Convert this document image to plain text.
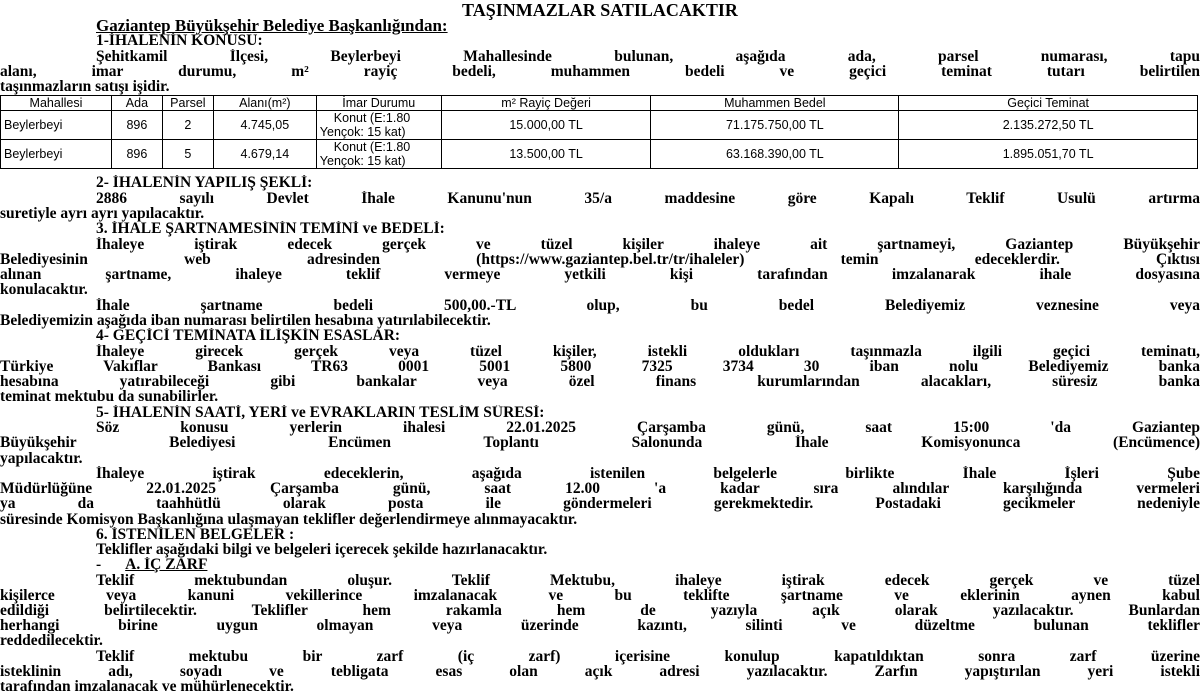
TAŞINMAZLAR SATILACAKTIR
Gaziantep Büyükşehir Belediye Başkanlığından:

1-İHALENİN KONUSU:

Şehitkamil İlçesi, Beylerbeyi Mahallesinde bulunan, aşağıda ada, parsel numarası, tapu

alanı, imar durumu, m² rayiç bedeli, muhammen bedeli ve geçici teminat tutarı belirtilen

taşınmazların satışı işidir.

Mahallesi	Ada	Parsel	Alanı(m²)	İmar Durumu	m² Rayiç Değeri	Muhammen Bedel	Geçici Teminat
Beylerbeyi	896	2	4.745,05	Konut (E:1.80
Yençok: 15 kat)	15.000,00 TL	71.175.750,00 TL	2.135.272,50 TL
Beylerbeyi	896	5	4.679,14	Konut (E:1.80
Yençok: 15 kat)	13.500,00 TL	63.168.390,00 TL	1.895.051,70 TL

2- İHALENİN YAPILIŞ ŞEKLİ:

2886 sayılı Devlet İhale Kanunu'nun 35/a maddesine göre Kapalı Teklif Usulü artırma

suretiyle ayrı ayrı yapılacaktır.

3. İHALE ŞARTNAMESİNİN TEMİNİ ve BEDELİ:

İhaleye iştirak edecek gerçek ve tüzel kişiler ihaleye ait şartnameyi, Gaziantep Büyükşehir

Belediyesinin web adresinden (https://www.gaziantep.bel.tr/tr/ihaleler) temin edeceklerdir. Çıktısı

alınan şartname, ihaleye teklif vermeye yetkili kişi tarafından imzalanarak ihale dosyasına

konulacaktır.

İhale şartname bedeli 500,00.-TL olup, bu bedel Belediyemiz veznesine veya

Belediyemizin aşağıda iban numarası belirtilen hesabına yatırılabilecektir.

4- GEÇİCİ TEMİNATA İLİŞKİN ESASLAR:

İhaleye girecek gerçek veya tüzel kişiler, istekli oldukları taşınmazla ilgili geçici teminatı,

Türkiye Vakıflar Bankası TR63 0001 5001 5800 7325 3734 30 iban nolu Belediyemiz banka

hesabına yatırabileceği gibi bankalar veya özel finans kurumlarından alacakları, süresiz banka

teminat mektubu da sunabilirler.

5- İHALENİN SAATİ, YERİ ve EVRAKLARIN TESLİM SÜRESİ:

Söz konusu yerlerin ihalesi 22.01.2025 Çarşamba günü, saat 15:00 'da Gaziantep

Büyükşehir Belediyesi Encümen Toplantı Salonunda İhale Komisyonunca (Encümence)

yapılacaktır.

İhaleye iştirak edeceklerin, aşağıda istenilen belgelerle birlikte İhale İşleri Şube

Müdürlüğüne 22.01.2025 Çarşamba günü, saat 12.00 'a kadar sıra alındılar karşılığında vermeleri

ya da taahhütlü olarak posta ile göndermeleri gerekmektedir. Postadaki gecikmeler nedeniyle

süresinde Komisyon Başkanlığına ulaşmayan teklifler değerlendirmeye alınmayacaktır.

6. İSTENİLEN BELGELER :

Teklifler aşağıdaki bilgi ve belgeleri içerecek şekilde hazırlanacaktır.

- A. İÇ ZARF

Teklif mektubundan oluşur. Teklif Mektubu, ihaleye iştirak edecek gerçek ve tüzel

kişilerce veya kanuni vekillerince imzalanacak ve bu teklifte şartname ve eklerinin aynen kabul

edildiği belirtilecektir. Teklifler hem rakamla hem de yazıyla açık olarak yazılacaktır. Bunlardan

herhangi birine uygun olmayan veya üzerinde kazıntı, silinti ve düzeltme bulunan teklifler

reddedilecektir.

Teklif mektubu bir zarf (iç zarf) içerisine konulup kapatıldıktan sonra zarf üzerine

isteklinin adı, soyadı ve tebligata esas olan açık adresi yazılacaktır. Zarfın yapıştırılan yeri istekli

tarafından imzalanacak ve mühürlenecektir.
